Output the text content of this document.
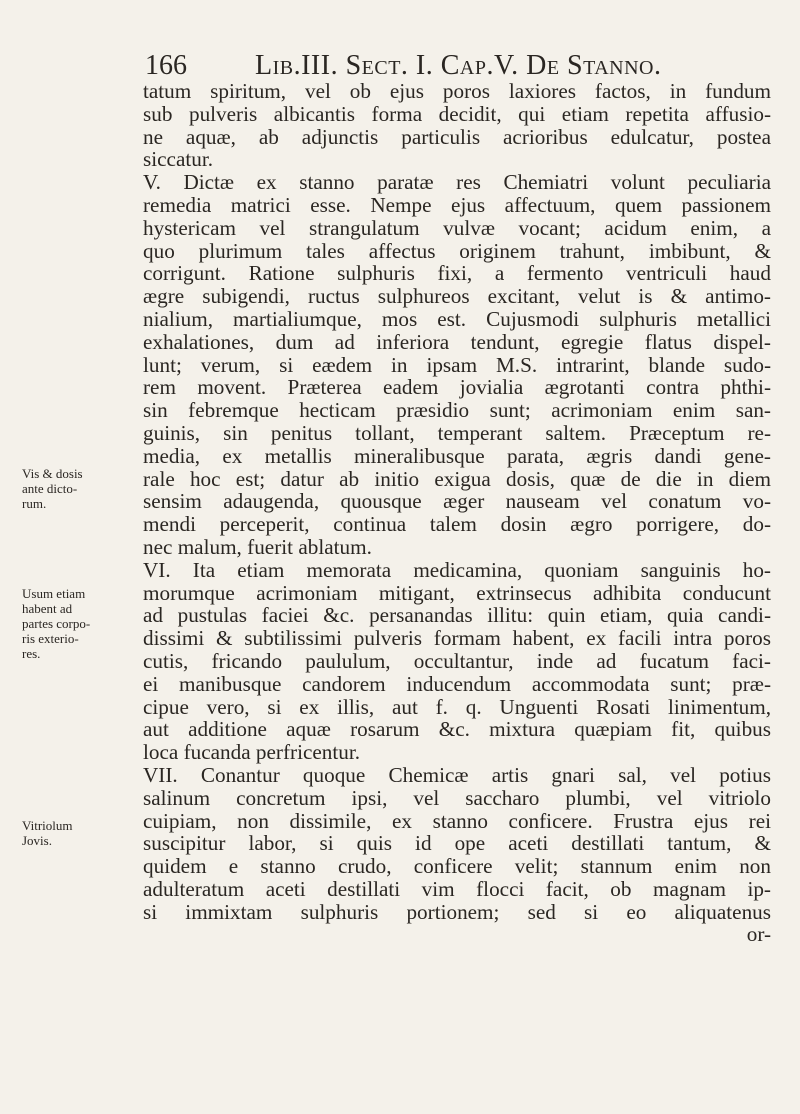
166 Lib.III. Sect. I. Cap.V. De Stanno.
Vis & dosis
ante dicto-
rum.
Usum etiam
habent ad
partes corpo-
ris exterio-
res.
Vitriolum
Jovis.
tatum spiritum, vel ob ejus poros laxiores factos, in fundum
sub pulveris albicantis forma decidit, qui etiam repetita affusio-
ne aquæ, ab adjunctis particulis acrioribus edulcatur, postea
siccatur.
V. Dictæ ex stanno paratæ res Chemiatri volunt peculiaria
remedia matrici esse. Nempe ejus affectuum, quem passionem
hystericam vel strangulatum vulvæ vocant; acidum enim, a
quo plurimum tales affectus originem trahunt, imbibunt, &
corrigunt. Ratione sulphuris fixi, a fermento ventriculi haud
ægre subigendi, ructus sulphureos excitant, velut is & antimo-
nialium, martialiumque, mos est. Cujusmodi sulphuris metallici
exhalationes, dum ad inferiora tendunt, egregie flatus dispel-
lunt; verum, si eædem in ipsam M.S. intrarint, blande sudo-
rem movent. Præterea eadem jovialia ægrotanti contra phthi-
sin febremque hecticam præsidio sunt; acrimoniam enim san-
guinis, sin penitus tollant, temperant saltem. Præceptum re-
media, ex metallis mineralibusque parata, ægris dandi gene-
rale hoc est; datur ab initio exigua dosis, quæ de die in diem
sensim adaugenda, quousque æger nauseam vel conatum vo-
mendi perceperit, continua talem dosin ægro porrigere, do-
nec malum, fuerit ablatum.
VI. Ita etiam memorata medicamina, quoniam sanguinis ho-
morumque acrimoniam mitigant, extrinsecus adhibita conducunt
ad pustulas faciei &c. persanandas illitu: quin etiam, quia candi-
dissimi & subtilissimi pulveris formam habent, ex facili intra poros
cutis, fricando paululum, occultantur, inde ad fucatum faci-
ei manibusque candorem inducendum accommodata sunt; præ-
cipue vero, si ex illis, aut f. q. Unguenti Rosati linimentum,
aut additione aquæ rosarum &c. mixtura quæpiam fit, quibus
loca fucanda perfricentur.
VII. Conantur quoque Chemicæ artis gnari sal, vel potius
salinum concretum ipsi, vel saccharo plumbi, vel vitriolo
cuipiam, non dissimile, ex stanno conficere. Frustra ejus rei
suscipitur labor, si quis id ope aceti destillati tantum, &
quidem e stanno crudo, conficere velit; stannum enim non
adulteratum aceti destillati vim flocci facit, ob magnam ip-
si immixtam sulphuris portionem; sed si eo aliquatenus
or-
